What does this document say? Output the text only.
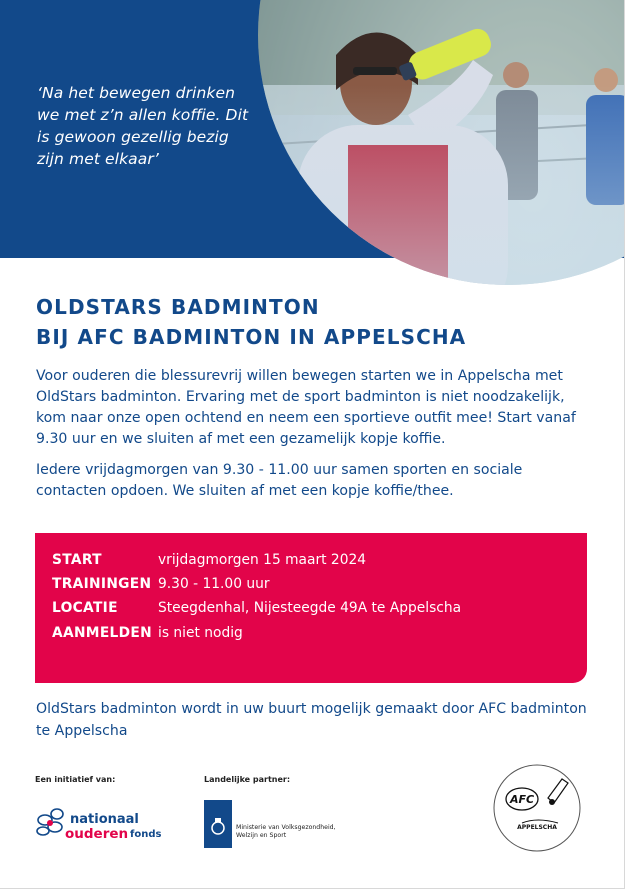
‘Na het bewegen drinken we met z’n allen koffie. Dit is gewoon gezellig bezig zijn met elkaar’
OLDSTARS BADMINTON
BIJ AFC BADMINTON IN APPELSCHA

Voor ouderen die blessurevrij willen bewegen starten we in Appelscha met OldStars badminton. Ervaring met de sport badminton is niet noodzakelijk, kom naar onze open ochtend en neem een sportieve outfit mee! Start vanaf 9.30 uur en we sluiten af met een gezamelijk kopje koffie.

Iedere vrijdagmorgen van 9.30 - 11.00 uur samen sporten en sociale contacten opdoen. We sluiten af met een kopje koffie/thee.

START	vrijdagmorgen 15 maart 2024
TRAININGEN 9.30 - 11.00 uur
LOCATIE	Steegdenhal, Nijesteegde 49A te Appelscha
AANMELDEN is niet nodig
OldStars badminton wordt in uw buurt mogelijk gemaakt door AFC badminton te Appelscha
Een initiatief van:	Landelijke partner:
nationaal
ouderen fonds
Ministerie van Volksgezondheid, Welzijn en Sport
AFC
APPELSCHA
